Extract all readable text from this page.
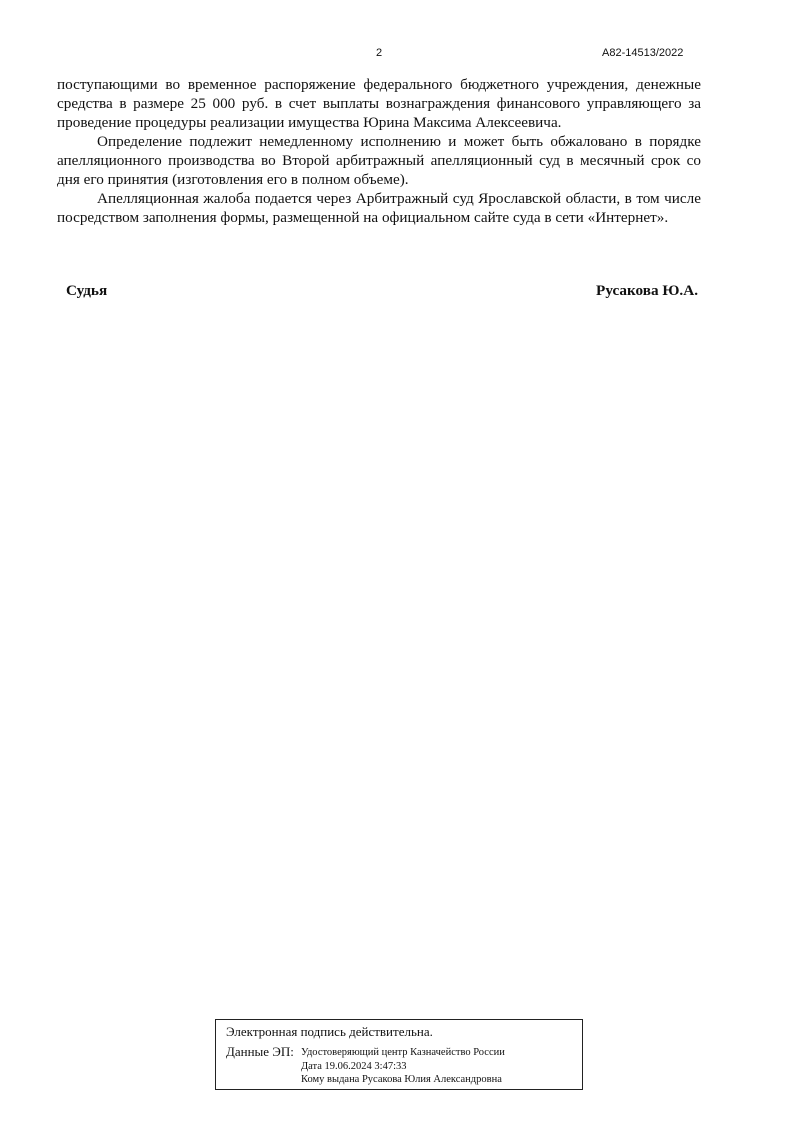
2	А82-14513/2022

поступающими во временное распоряжение федерального бюджетного учреждения, денежные средства в размере 25 000 руб. в счет выплаты вознаграждения финансового управляющего за проведение процедуры реализации имущества Юрина Максима Алексеевича.

Определение подлежит немедленному исполнению и может быть обжаловано в порядке апелляционного производства во Второй арбитражный апелляционный суд в месячный срок со дня его принятия (изготовления его в полном объеме).

Апелляционная жалоба подается через Арбитражный суд Ярославской области, в том числе посредством заполнения формы, размещенной на официальном сайте суда в сети «Интернет».

Судья	Русакова Ю.А.
Электронная подпись действительна.
Данные ЭП: Удостоверяющий центр Казначейство России
Дата 19.06.2024 3:47:33
Кому выдана Русакова Юлия Александровна
